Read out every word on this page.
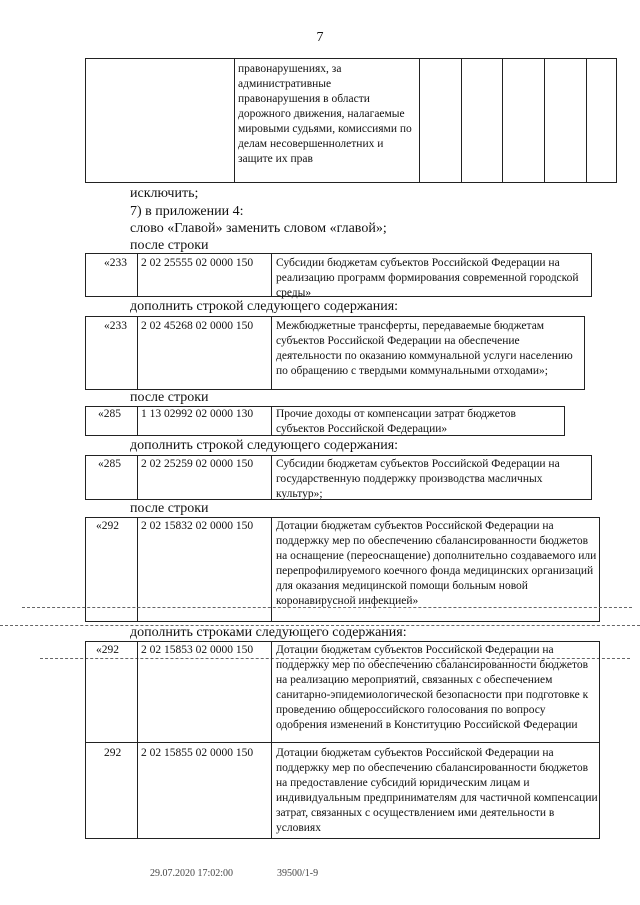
7
правонарушениях, за административные правонарушения в области дорожного движения, налагаемые мировыми судьями, комиссиями по делам несовершеннолетних и защите их прав
исключить;
7) в приложении 4:
слово «Главой» заменить словом «главой»;
после строки
«233 2 02 25555 02 0000 150 Субсидии бюджетам субъектов Российской Федерации на реализацию программ формирования современной городской среды»
дополнить строкой следующего содержания:
«233 2 02 45268 02 0000 150 Межбюджетные трансферты, передаваемые бюджетам субъектов Российской Федерации на обеспечение деятельности по оказанию коммунальной услуги населению по обращению с твердыми коммунальными отходами»;
после строки
«285 1 13 02992 02 0000 130 Прочие доходы от компенсации затрат бюджетов субъектов Российской Федерации»
дополнить строкой следующего содержания:
«285 2 02 25259 02 0000 150 Субсидии бюджетам субъектов Российской Федерации на государственную поддержку производства масличных культур»;
после строки
«292 2 02 15832 02 0000 150 Дотации бюджетам субъектов Российской Федерации на поддержку мер по обеспечению сбалансированности бюджетов на оснащение (переоснащение) дополнительно создаваемого или перепрофилируемого коечного фонда медицинских организаций для оказания медицинской помощи больным новой коронавирусной инфекцией»
дополнить строками следующего содержания:
«292 2 02 15853 02 0000 150 Дотации бюджетам субъектов Российской Федерации на поддержку мер по обеспечению сбалансированности бюджетов на реализацию мероприятий, связанных с обеспечением санитарно-эпидемиологической безопасности при подготовке к проведению общероссийского голосования по вопросу одобрения изменений в Конституцию Российской Федерации
292 2 02 15855 02 0000 150 Дотации бюджетам субъектов Российской Федерации на поддержку мер по обеспечению сбалансированности бюджетов на предоставление субсидий юридическим лицам и индивидуальным предпринимателям для частичной компенсации затрат, связанных с осуществлением ими деятельности в условиях
29.07.2020 17:02:00	39500/1-9
